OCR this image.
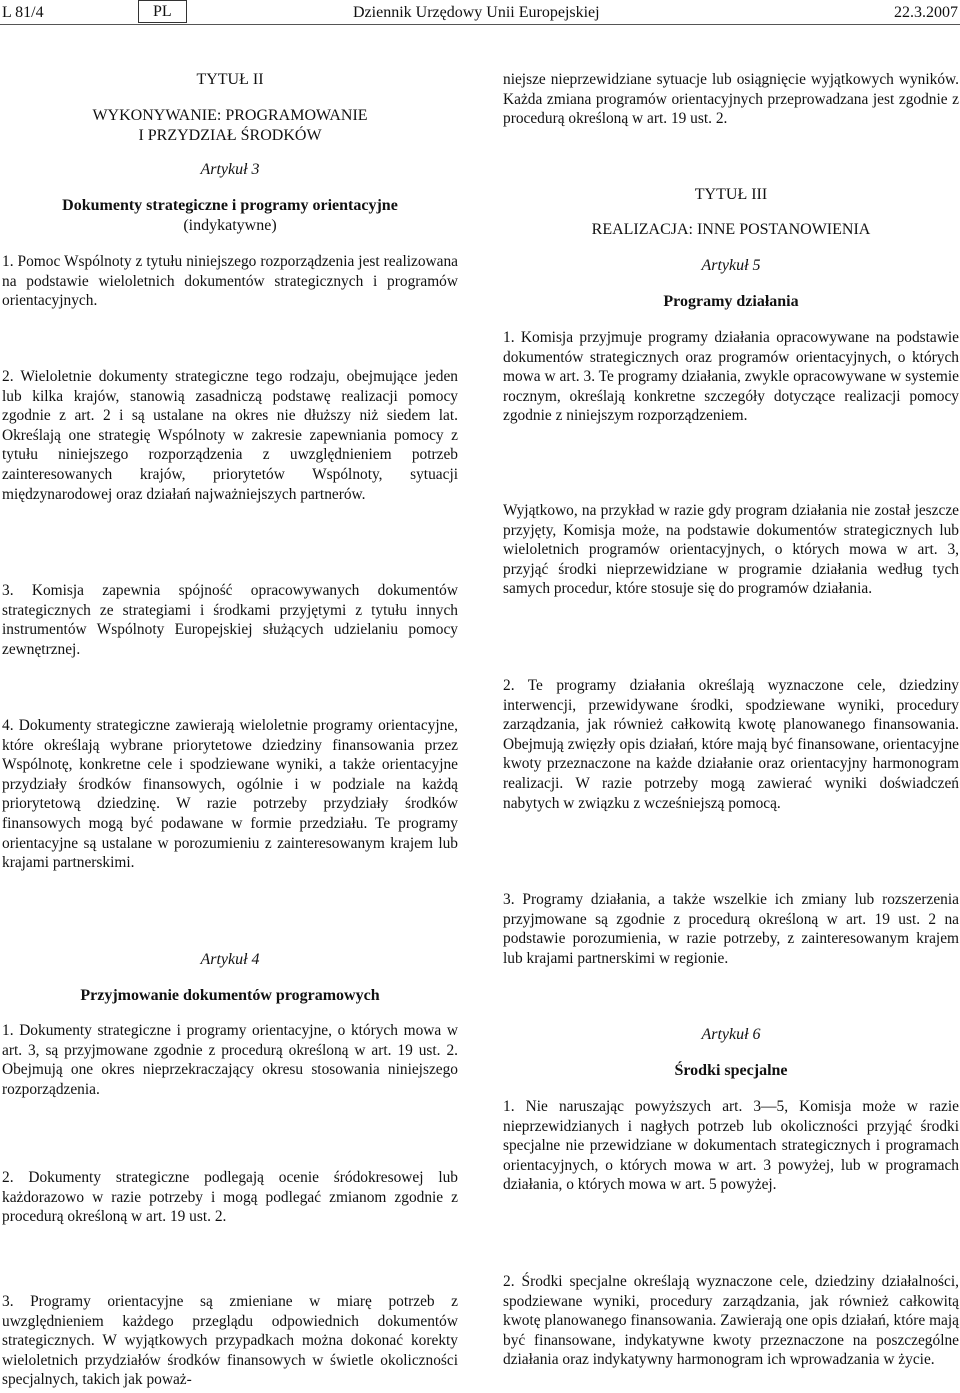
L 81/4	PL	Dziennik Urzędowy Unii Europejskiej	22.3.2007
TYTUŁ II
WYKONYWANIE: PROGRAMOWANIE
I PRZYDZIAŁ ŚRODKÓW
Artykuł 3
Dokumenty strategiczne i programy orientacyjne
(indykatywne)
1. Pomoc Wspólnoty z tytułu niniejszego rozporządzenia jest realizowana na podstawie wieloletnich dokumentów strategicznych i programów orientacyjnych.
2. Wieloletnie dokumenty strategiczne tego rodzaju, obejmujące jeden lub kilka krajów, stanowią zasadniczą podstawę realizacji pomocy zgodnie z art. 2 i są ustalane na okres nie dłuższy niż siedem lat. Określają one strategię Wspólnoty w zakresie zapewniania pomocy z tytułu niniejszego rozporządzenia z uwzględnieniem potrzeb zainteresowanych krajów, priorytetów Wspólnoty, sytuacji międzynarodowej oraz działań najważniejszych partnerów.
3. Komisja zapewnia spójność opracowywanych dokumentów strategicznych ze strategiami i środkami przyjętymi z tytułu innych instrumentów Wspólnoty Europejskiej służących udzielaniu pomocy zewnętrznej.
4. Dokumenty strategiczne zawierają wieloletnie programy orientacyjne, które określają wybrane priorytetowe dziedziny finansowania przez Wspólnotę, konkretne cele i spodziewane wyniki, a także orientacyjne przydziały środków finansowych, ogólnie i w podziale na każdą priorytetową dziedzinę. W razie potrzeby przydziały środków finansowych mogą być podawane w formie przedziału. Te programy orientacyjne są ustalane w porozumieniu z zainteresowanym krajem lub krajami partnerskimi.
Artykuł 4
Przyjmowanie dokumentów programowych
1. Dokumenty strategiczne i programy orientacyjne, o których mowa w art. 3, są przyjmowane zgodnie z procedurą określoną w art. 19 ust. 2. Obejmują one okres nieprzekraczający okresu stosowania niniejszego rozporządzenia.
2. Dokumenty strategiczne podlegają ocenie śródokresowej lub każdorazowo w razie potrzeby i mogą podlegać zmianom zgodnie z procedurą określoną w art. 19 ust. 2.
3. Programy orientacyjne są zmieniane w miarę potrzeb z uwzględnieniem każdego przeglądu odpowiednich dokumentów strategicznych. W wyjątkowych przypadkach można dokonać korekty wieloletnich przydziałów środków finansowych w świetle okoliczności specjalnych, takich jak poważ-
niejsze nieprzewidziane sytuacje lub osiągnięcie wyjątkowych wyników. Każda zmiana programów orientacyjnych przeprowadzana jest zgodnie z procedurą określoną w art. 19 ust. 2.
TYTUŁ III
REALIZACJA: INNE POSTANOWIENIA
Artykuł 5
Programy działania
1. Komisja przyjmuje programy działania opracowywane na podstawie dokumentów strategicznych oraz programów orientacyjnych, o których mowa w art. 3. Te programy działania, zwykle opracowywane w systemie rocznym, określają konkretne szczegóły dotyczące realizacji pomocy zgodnie z niniejszym rozporządzeniem.
Wyjątkowo, na przykład w razie gdy program działania nie został jeszcze przyjęty, Komisja może, na podstawie dokumentów strategicznych lub wieloletnich programów orientacyjnych, o których mowa w art. 3, przyjąć środki nieprzewidziane w programie działania według tych samych procedur, które stosuje się do programów działania.
2. Te programy działania określają wyznaczone cele, dziedziny interwencji, przewidywane środki, spodziewane wyniki, procedury zarządzania, jak również całkowitą kwotę planowanego finansowania. Obejmują zwięzły opis działań, które mają być finansowane, orientacyjne kwoty przeznaczone na każde działanie oraz orientacyjny harmonogram realizacji. W razie potrzeby mogą zawierać wyniki doświadczeń nabytych w związku z wcześniejszą pomocą.
3. Programy działania, a także wszelkie ich zmiany lub rozszerzenia przyjmowane są zgodnie z procedurą określoną w art. 19 ust. 2 na podstawie porozumienia, w razie potrzeby, z zainteresowanym krajem lub krajami partnerskimi w regionie.
Artykuł 6
Środki specjalne
1. Nie naruszając powyższych art. 3—5, Komisja może w razie nieprzewidzianych i nagłych potrzeb lub okoliczności przyjąć środki specjalne nie przewidziane w dokumentach strategicznych i programach orientacyjnych, o których mowa w art. 3 powyżej, lub w programach działania, o których mowa w art. 5 powyżej.
2. Środki specjalne określają wyznaczone cele, dziedziny działalności, spodziewane wyniki, procedury zarządzania, jak również całkowitą kwotę planowanego finansowania. Zawierają one opis działań, które mają być finansowane, indykatywne kwoty przeznaczone na poszczególne działania oraz indykatywny harmonogram ich wprowadzania w życie.
